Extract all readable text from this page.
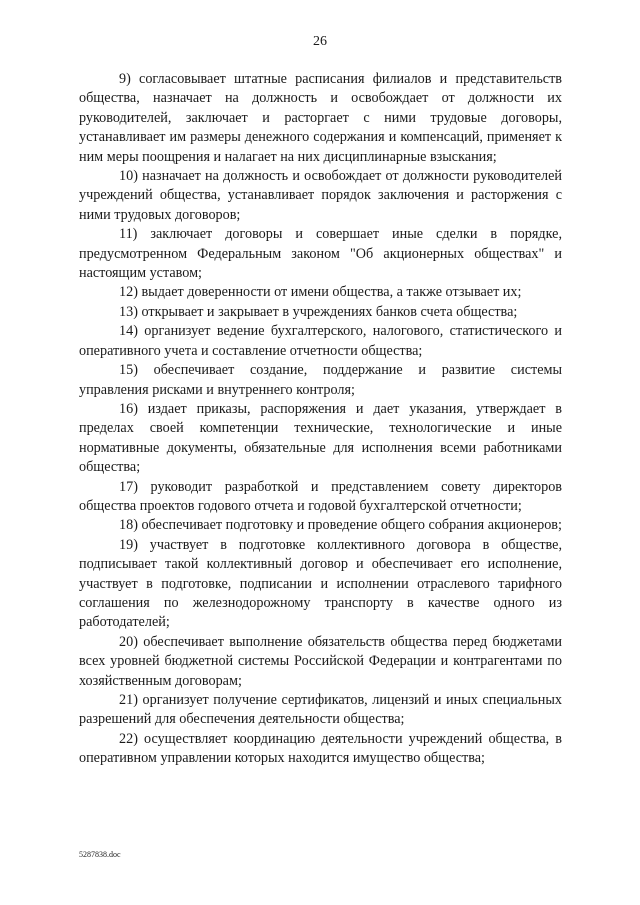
26

9) согласовывает штатные расписания филиалов и представительств общества, назначает на должность и освобождает от должности их руководителей, заключает и расторгает с ними трудовые договоры, устанавливает им размеры денежного содержания и компенсаций, применяет к ним меры поощрения и налагает на них дисциплинарные взыскания;

10) назначает на должность и освобождает от должности руководителей учреждений общества, устанавливает порядок заключения и расторжения с ними трудовых договоров;

11) заключает договоры и совершает иные сделки в порядке, предусмотренном Федеральным законом "Об акционерных обществах" и настоящим уставом;

12) выдает доверенности от имени общества, а также отзывает их;

13) открывает и закрывает в учреждениях банков счета общества;

14) организует ведение бухгалтерского, налогового, статистического и оперативного учета и составление отчетности общества;

15) обеспечивает создание, поддержание и развитие системы управления рисками и внутреннего контроля;

16) издает приказы, распоряжения и дает указания, утверждает в пределах своей компетенции технические, технологические и иные нормативные документы, обязательные для исполнения всеми работниками общества;

17) руководит разработкой и представлением совету директоров общества проектов годового отчета и годовой бухгалтерской отчетности;

18) обеспечивает подготовку и проведение общего собрания акционеров;

19) участвует в подготовке коллективного договора в обществе, подписывает такой коллективный договор и обеспечивает его исполнение, участвует в подготовке, подписании и исполнении отраслевого тарифного соглашения по железнодорожному транспорту в качестве одного из работодателей;

20) обеспечивает выполнение обязательств общества перед бюджетами всех уровней бюджетной системы Российской Федерации и контрагентами по хозяйственным договорам;

21) организует получение сертификатов, лицензий и иных специальных разрешений для обеспечения деятельности общества;

22) осуществляет координацию деятельности учреждений общества, в оперативном управлении которых находится имущество общества;

5287838.doc
